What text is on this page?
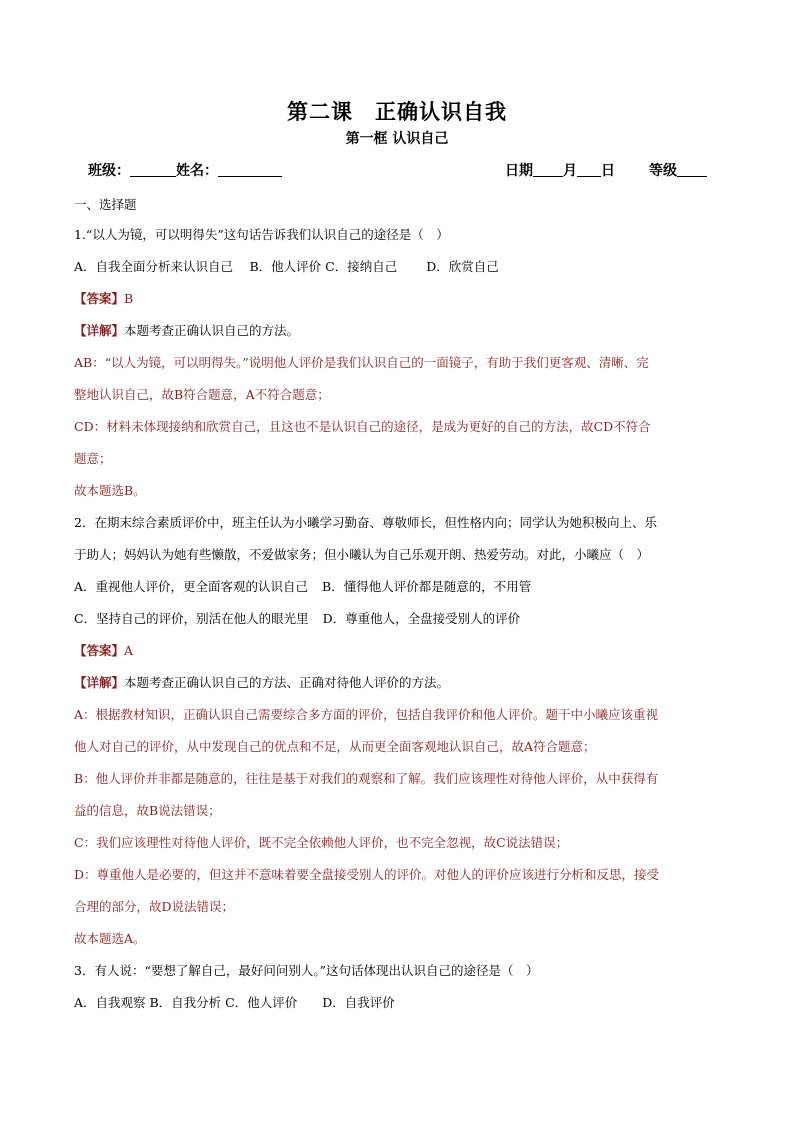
第二课　正确认识自我
第一框 认识自己
班级：	姓名：	日期 月 日 等级
一、选择题
1.“以人为镜，可以明得失”这句话告诉我们认识自己的途径是（　）
A．自我全面分析来认识自己　 B．他人评价 C．接纳自己　　 D．欣赏自己
【答案】B
【详解】本题考查正确认识自己的方法。
AB：“以人为镜，可以明得失。”说明他人评价是我们认识自己的一面镜子，有助于我们更客观、清晰、完
整地认识自己，故B符合题意，A不符合题意；
CD：材料未体现接纳和欣赏自己，且这也不是认识自己的途径，是成为更好的自己的方法，故CD不符合
题意；
故本题选B。
2．在期末综合素质评价中，班主任认为小曦学习勤奋、尊敬师长，但性格内向；同学认为她积极向上、乐
于助人；妈妈认为她有些懒散，不爱做家务；但小曦认为自己乐观开朗、热爱劳动。对此，小曦应（　）
A．重视他人评价，更全面客观的认识自己 B．懂得他人评价都是随意的，不用管
C．坚持自己的评价，别活在他人的眼光里 D．尊重他人，全盘接受别人的评价
【答案】A
【详解】本题考查正确认识自己的方法、正确对待他人评价的方法。
A：根据教材知识，正确认识自己需要综合多方面的评价，包括自我评价和他人评价。题干中小曦应该重视
他人对自己的评价，从中发现自己的优点和不足，从而更全面客观地认识自己，故A符合题意；
B：他人评价并非都是随意的，往往是基于对我们的观察和了解。我们应该理性对待他人评价，从中获得有
益的信息，故B说法错误；
C：我们应该理性对待他人评价，既不完全依赖他人评价，也不完全忽视，故C说法错误；
D：尊重他人是必要的，但这并不意味着要全盘接受别人的评价。对他人的评价应该进行分析和反思，接受
合理的部分，故D说法错误；
故本题选A。
3．有人说：“要想了解自己，最好问问别人。”这句话体现出认识自己的途径是（　）
A．自我观察 B．自我分析 C．他人评价　　D．自我评价
